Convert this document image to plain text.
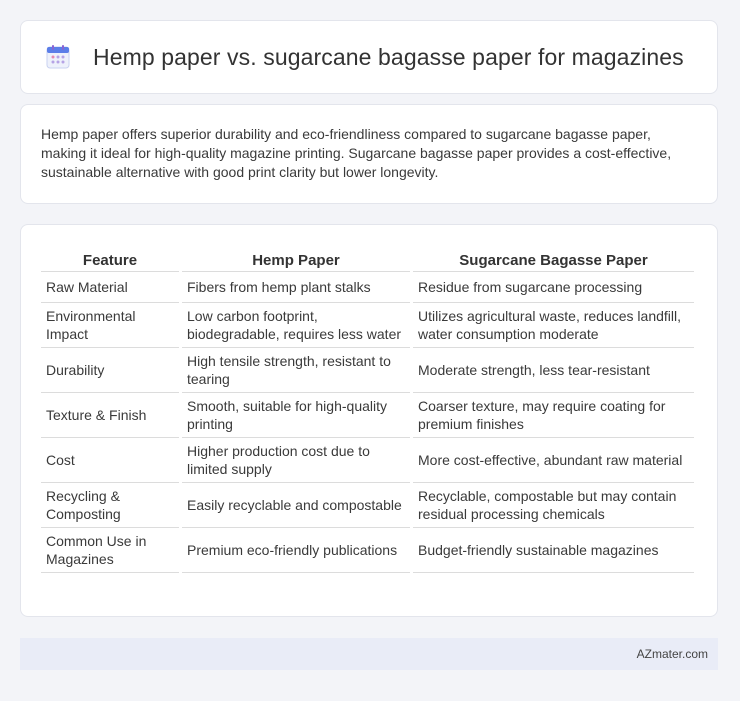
Hemp paper vs. sugarcane bagasse paper for magazines

Hemp paper offers superior durability and eco-friendliness compared to sugarcane bagasse paper, making it ideal for high-quality magazine printing. Sugarcane bagasse paper provides a cost-effective, sustainable alternative with good print clarity but lower longevity.

Feature	Hemp Paper	Sugarcane Bagasse Paper
Raw Material	Fibers from hemp plant stalks	Residue from sugarcane processing
Environmental Impact	Low carbon footprint, biodegradable, requires less water	Utilizes agricultural waste, reduces landfill, water consumption moderate
Durability	High tensile strength, resistant to tearing	Moderate strength, less tear-resistant
Texture & Finish	Smooth, suitable for high-quality printing	Coarser texture, may require coating for premium finishes
Cost	Higher production cost due to limited supply	More cost-effective, abundant raw material
Recycling & Composting	Easily recyclable and compostable	Recyclable, compostable but may contain residual processing chemicals
Common Use in Magazines	Premium eco-friendly publications	Budget-friendly sustainable magazines
AZmater.com
